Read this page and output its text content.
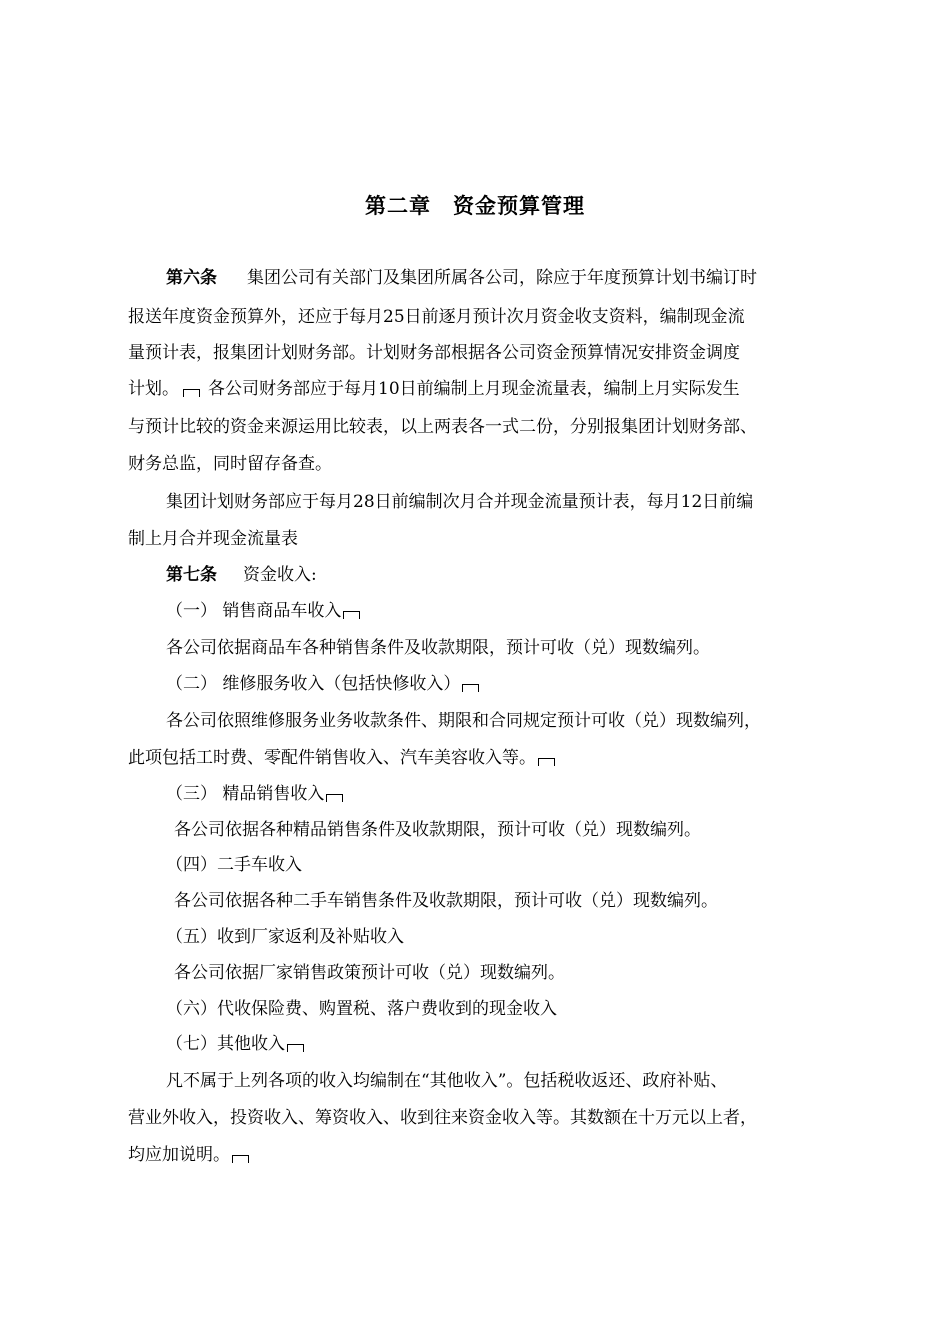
第二章　资金预算管理
第六条 集团公司有关部门及集团所属各公司，除应于年度预算计划书编订时
报送年度资金预算外，还应于每月25日前逐月预计次月资金收支资料，编制现金流
量预计表，报集团计划财务部。计划财务部根据各公司资金预算情况安排资金调度
计划。 各公司财务部应于每月10日前编制上月现金流量表，编制上月实际发生
与预计比较的资金来源运用比较表，以上两表各一式二份，分别报集团计划财务部、
财务总监，同时留存备查。
集团计划财务部应于每月28日前编制次月合并现金流量预计表，每月12日前编
制上月合并现金流量表
第七条 资金收入:
（一） 销售商品车收入
各公司依据商品车各种销售条件及收款期限，预计可收（兑）现数编列。
（二） 维修服务收入（包括快修收入）
各公司依照维修服务业务收款条件、期限和合同规定预计可收（兑）现数编列，
此项包括工时费、零配件销售收入、汽车美容收入等。
（三） 精品销售收入
各公司依据各种精品销售条件及收款期限，预计可收（兑）现数编列。
（四）二手车收入
各公司依据各种二手车销售条件及收款期限，预计可收（兑）现数编列。
（五）收到厂家返利及补贴收入
各公司依据厂家销售政策预计可收（兑）现数编列。
（六）代收保险费、购置税、落户费收到的现金收入
（七）其他收入
凡不属于上列各项的收入均编制在“其他收入”。包括税收返还、政府补贴、
营业外收入，投资收入、筹资收入、收到往来资金收入等。其数额在十万元以上者，
均应加说明。
